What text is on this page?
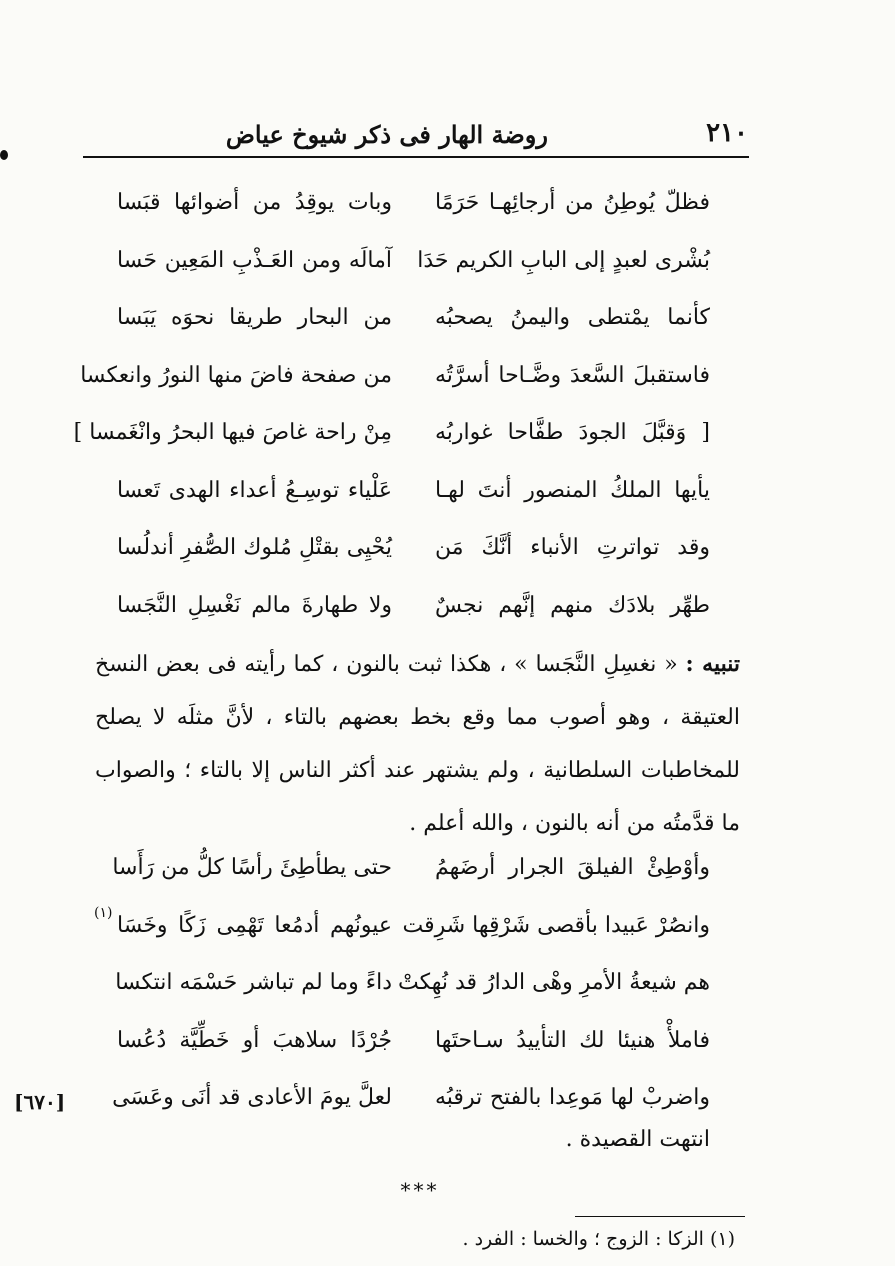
٢١٠
روضة الهار فى ذكر شيوخ عياض
فظلّ يُوطِنُ من أرجائِهـا حَرَمًا
وبات يوقِدُ من أضوائها قبَسا
بُشْرى لعبدٍ إلى البابِ الكريم حَدَا
آمالَه ومن العَـذْبِ المَعِين حَسا
كأنما يمْتطى واليمنُ يصحبُه
من البحار طريقا نحوَه يَبَسا
فاستقبلَ السَّعدَ وضَّـاحا أسرَّتُه
من صفحة فاضَ منها النورُ وانعكسا
[ وَقبَّلَ الجودَ طفَّاحا غواربُه
مِنْ راحة غاصَ فيها البحرُ وانْغَمسا ]
يأيها الملكُ المنصور أنتَ لهـا
عَلْياء توسِـعُ أعداء الهدى تَعسا
وقد تواترتِ الأنباء أنَّكَ مَن
يُحْيِى بقتْلِ مُلوك الصُّفرِ أندلُسا
طهِّر بلادَك منهم إنَّهم نجسٌ
ولا طهارةَ مالم نَغْسِلِ النَّجَسا
تنبيه : « نغسِلِ النَّجَسا » ، هكذا ثبت بالنون ، كما رأيته فى بعض النسخ العتيقة ، وهو أصوب مما وقع بخط بعضهم بالتاء ، لأنَّ مثلَه لا يصلح للمخاطبات السلطانية ، ولم يشتهر عند أكثر الناس إلا بالتاء ؛ والصواب ما قدَّمتُه من أنه بالنون ، والله أعلم .
وأوْطِئْ الفيلقَ الجرار أرضَهمُ
حتى يطأطِئَ رأسًا كلُّ من رَأَسا
وانصُرْ عَبيدا بأقصى شَرْقِها شَرِقت
عيونُهم أدمُعا تَهْمِى زَكًا وخَسَا
هم شيعةُ الأمرِ وهْى الدارُ قد نُهِكتْ
داءً وما لم تباشر حَسْمَه انتكسا
فاملأْ هنيئا لك التأييدُ سـاحتَها
جُرْدًا سلاهبَ أو خَطِّيَّة دُعُسا
واضربْ لها مَوعِدا بالفتح ترقبُه
لعلَّ يومَ الأعادى قد أنَى وعَسَى
(١)
[٦٧٠]
انتهت القصيدة .
***
(١) الزكا : الزوج ؛ والخسا : الفرد .
